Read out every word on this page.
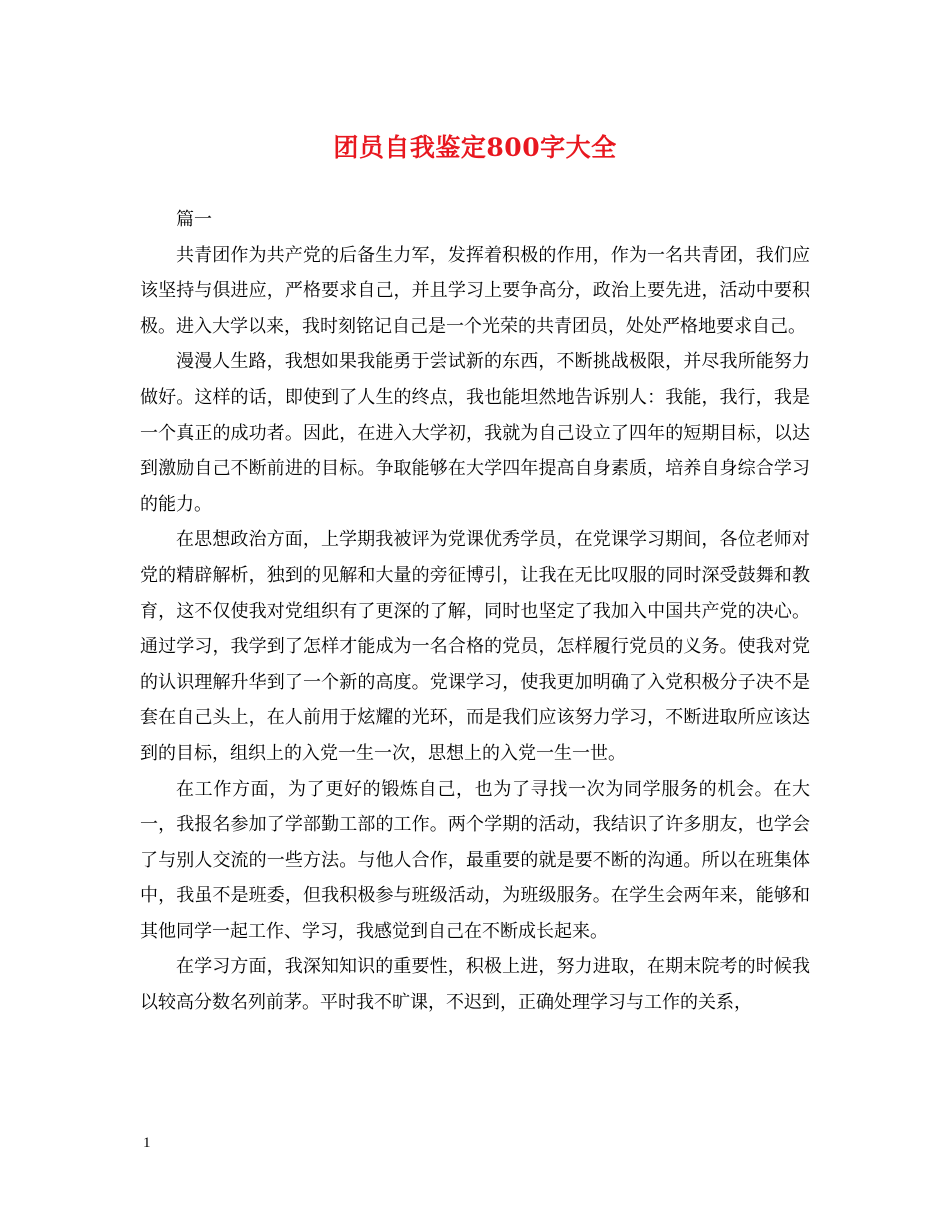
团员自我鉴定800字大全

篇一

共青团作为共产党的后备生力军，发挥着积极的作用，作为一名共青团，我们应该坚持与俱进应，严格要求自己，并且学习上要争高分，政治上要先进，活动中要积极。进入大学以来，我时刻铭记自己是一个光荣的共青团员，处处严格地要求自己。

漫漫人生路，我想如果我能勇于尝试新的东西，不断挑战极限，并尽我所能努力做好。这样的话，即使到了人生的终点，我也能坦然地告诉别人：我能，我行，我是一个真正的成功者。因此，在进入大学初，我就为自己设立了四年的短期目标，以达到激励自己不断前进的目标。争取能够在大学四年提高自身素质，培养自身综合学习的能力。

在思想政治方面，上学期我被评为党课优秀学员，在党课学习期间，各位老师对党的精辟解析，独到的见解和大量的旁征博引，让我在无比叹服的同时深受鼓舞和教育，这不仅使我对党组织有了更深的了解，同时也坚定了我加入中国共产党的决心。通过学习，我学到了怎样才能成为一名合格的党员，怎样履行党员的义务。使我对党的认识理解升华到了一个新的高度。党课学习，使我更加明确了入党积极分子决不是套在自己头上，在人前用于炫耀的光环，而是我们应该努力学习，不断进取所应该达到的目标，组织上的入党一生一次，思想上的入党一生一世。

在工作方面，为了更好的锻炼自己，也为了寻找一次为同学服务的机会。在大一，我报名参加了学部勤工部的工作。两个学期的活动，我结识了许多朋友，也学会了与别人交流的一些方法。与他人合作，最重要的就是要不断的沟通。所以在班集体中，我虽不是班委，但我积极参与班级活动，为班级服务。在学生会两年来，能够和其他同学一起工作、学习，我感觉到自己在不断成长起来。

在学习方面，我深知知识的重要性，积极上进，努力进取，在期末院考的时候我以较高分数名列前茅。平时我不旷课，不迟到，正确处理学习与工作的关系，

1
